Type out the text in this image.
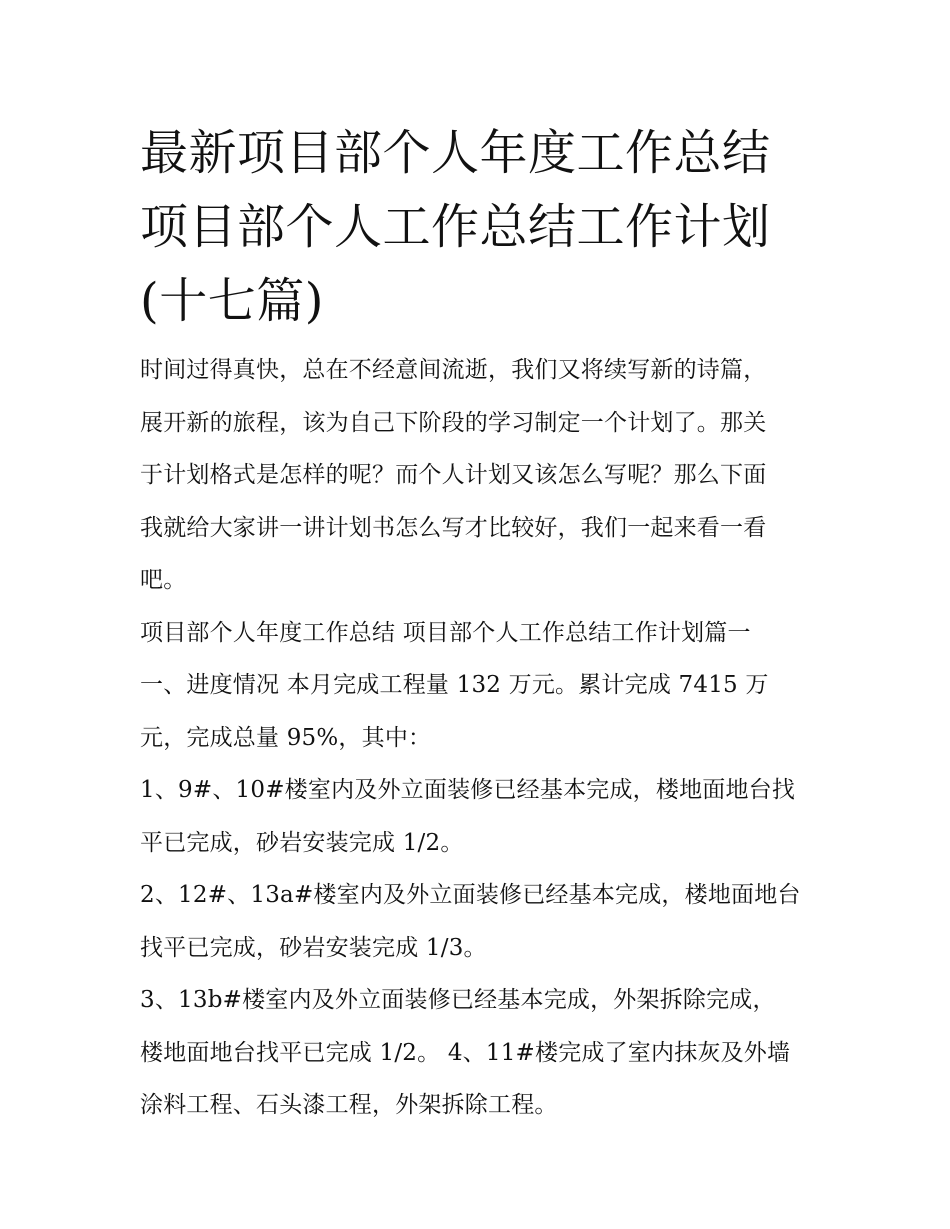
最新项目部个人年度工作总结
项目部个人工作总结工作计划
(十七篇)

时间过得真快，总在不经意间流逝，我们又将续写新的诗篇，
展开新的旅程，该为自己下阶段的学习制定一个计划了。那关
于计划格式是怎样的呢？而个人计划又该怎么写呢？那么下面
我就给大家讲一讲计划书怎么写才比较好，我们一起来看一看
吧。

项目部个人年度工作总结 项目部个人工作总结工作计划篇一

一、进度情况 本月完成工程量 132 万元。累计完成 7415 万
元，完成总量 95%，其中：

1、9#、10#楼室内及外立面装修已经基本完成，楼地面地台找
平已完成，砂岩安装完成 1/2。

2、12#、13a#楼室内及外立面装修已经基本完成，楼地面地台
找平已完成，砂岩安装完成 1/3。

3、13b#楼室内及外立面装修已经基本完成，外架拆除完成，
楼地面地台找平已完成 1/2。 4、11#楼完成了室内抹灰及外墙
涂料工程、石头漆工程，外架拆除工程。
